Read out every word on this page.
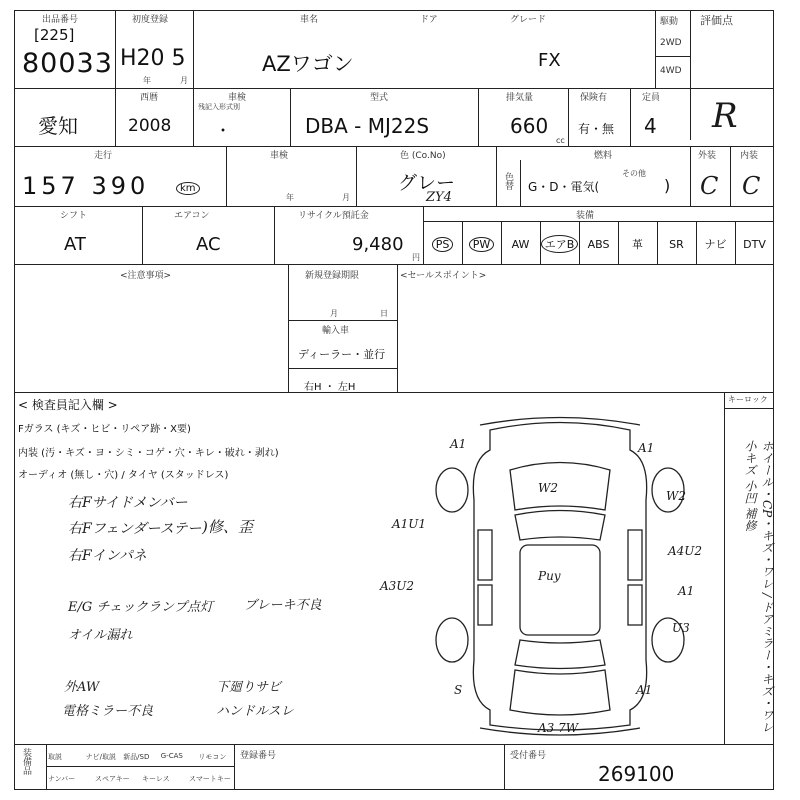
出品番号
[225]
80033
初度登録
H20 5
年	月
車名	ドア	グレード
AZワゴン	FX
駆動
2WD
4WD
評価点
R
愛知
西暦
2008
車検
残記入形式別
・
型式
DBA - MJ22S
排気量
660
cc
保険有
有・無
定員
4
走行
157 390	km
車検
年	月
色 (Co.No)
グレー
ZY4
色替
燃料
G・D・電気(
その他
)
外装	内装
C C
シフト
AT
エアコン
AC
リサイクル預託金
9,480
円
装備
PS	PW	AW	エアB	ABS 革 SR ナビ DTV
<注意事項>	<セールスポイント>
新規登録期限
月	日
輸入車
ディーラー・並行
右H ・ 左H
キーロック
ホイール・CP・キズ・ワレ / ドアミラー・キズ・ワレ 小キズ 小凹 補修
< 検査員記入欄 >
Fガラス (キズ・ヒビ・リペア跡・X要)
内装 (汚・キズ・ヨ・シミ・コゲ・穴・キレ・破れ・剥れ)
オーディオ (無し・穴) / タイヤ (スタッドレス)
右Fサイドメンバー
右Fフェンダーステー
右Fインパネ
)修、歪
E/G チェックランプ点灯 ブレーキ不良
オイル漏れ
外AW
電格ミラー不良
下廻りサビ
ハンドルスレ
A1	A1
W2
W2
A1U1
A4U2
A3U2	A1
U3
Puy
S	A1
A3 7W
装備品 取説	ナビ/取説 新品/SD G-CAS リモコン
ナンバー	スペアキー キーレス	スマートキー
登録番号	受付番号
269100
